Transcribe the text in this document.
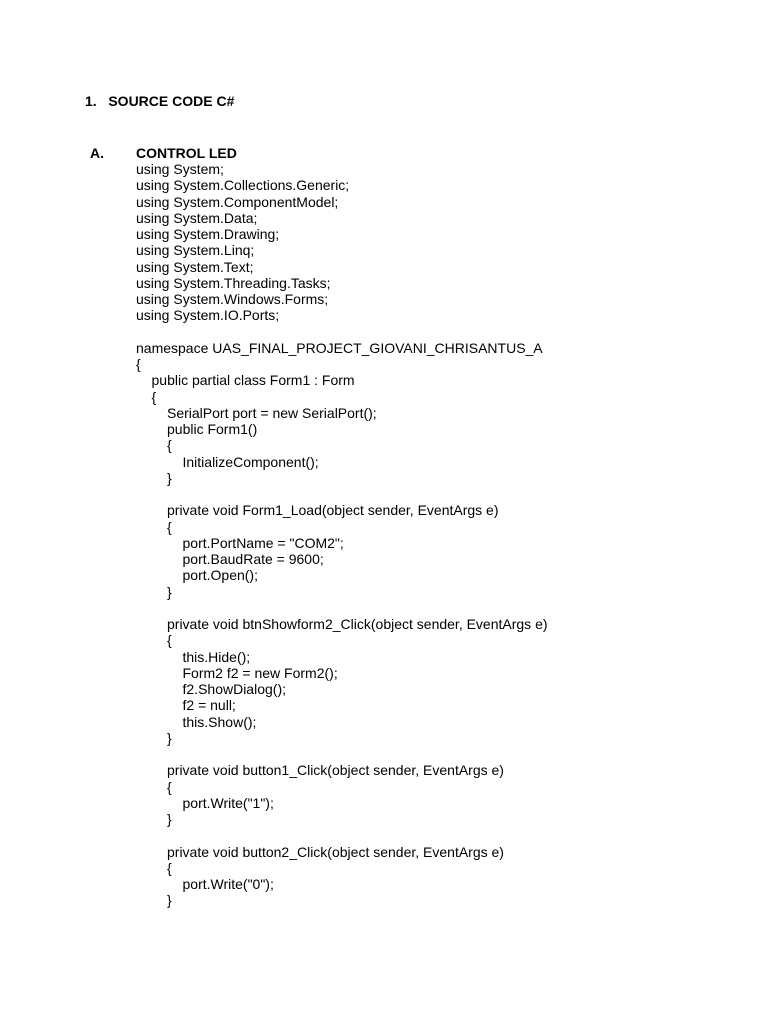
1.   SOURCE CODE C#
A. CONTROL LED
using System;
using System.Collections.Generic;
using System.ComponentModel;
using System.Data;
using System.Drawing;
using System.Linq;
using System.Text;
using System.Threading.Tasks;
using System.Windows.Forms;
using System.IO.Ports;
namespace UAS_FINAL_PROJECT_GIOVANI_CHRISANTUS_A
{
public partial class Form1 : Form
{
SerialPort port = new SerialPort();
public Form1()
{
InitializeComponent();
}
private void Form1_Load(object sender, EventArgs e)
{
port.PortName = "COM2";
port.BaudRate = 9600;
port.Open();
}
private void btnShowform2_Click(object sender, EventArgs e)
{
this.Hide();
Form2 f2 = new Form2();
f2.ShowDialog();
f2 = null;
this.Show();
}
private void button1_Click(object sender, EventArgs e)
{
port.Write("1");
}
private void button2_Click(object sender, EventArgs e)
{
port.Write("0");
}
